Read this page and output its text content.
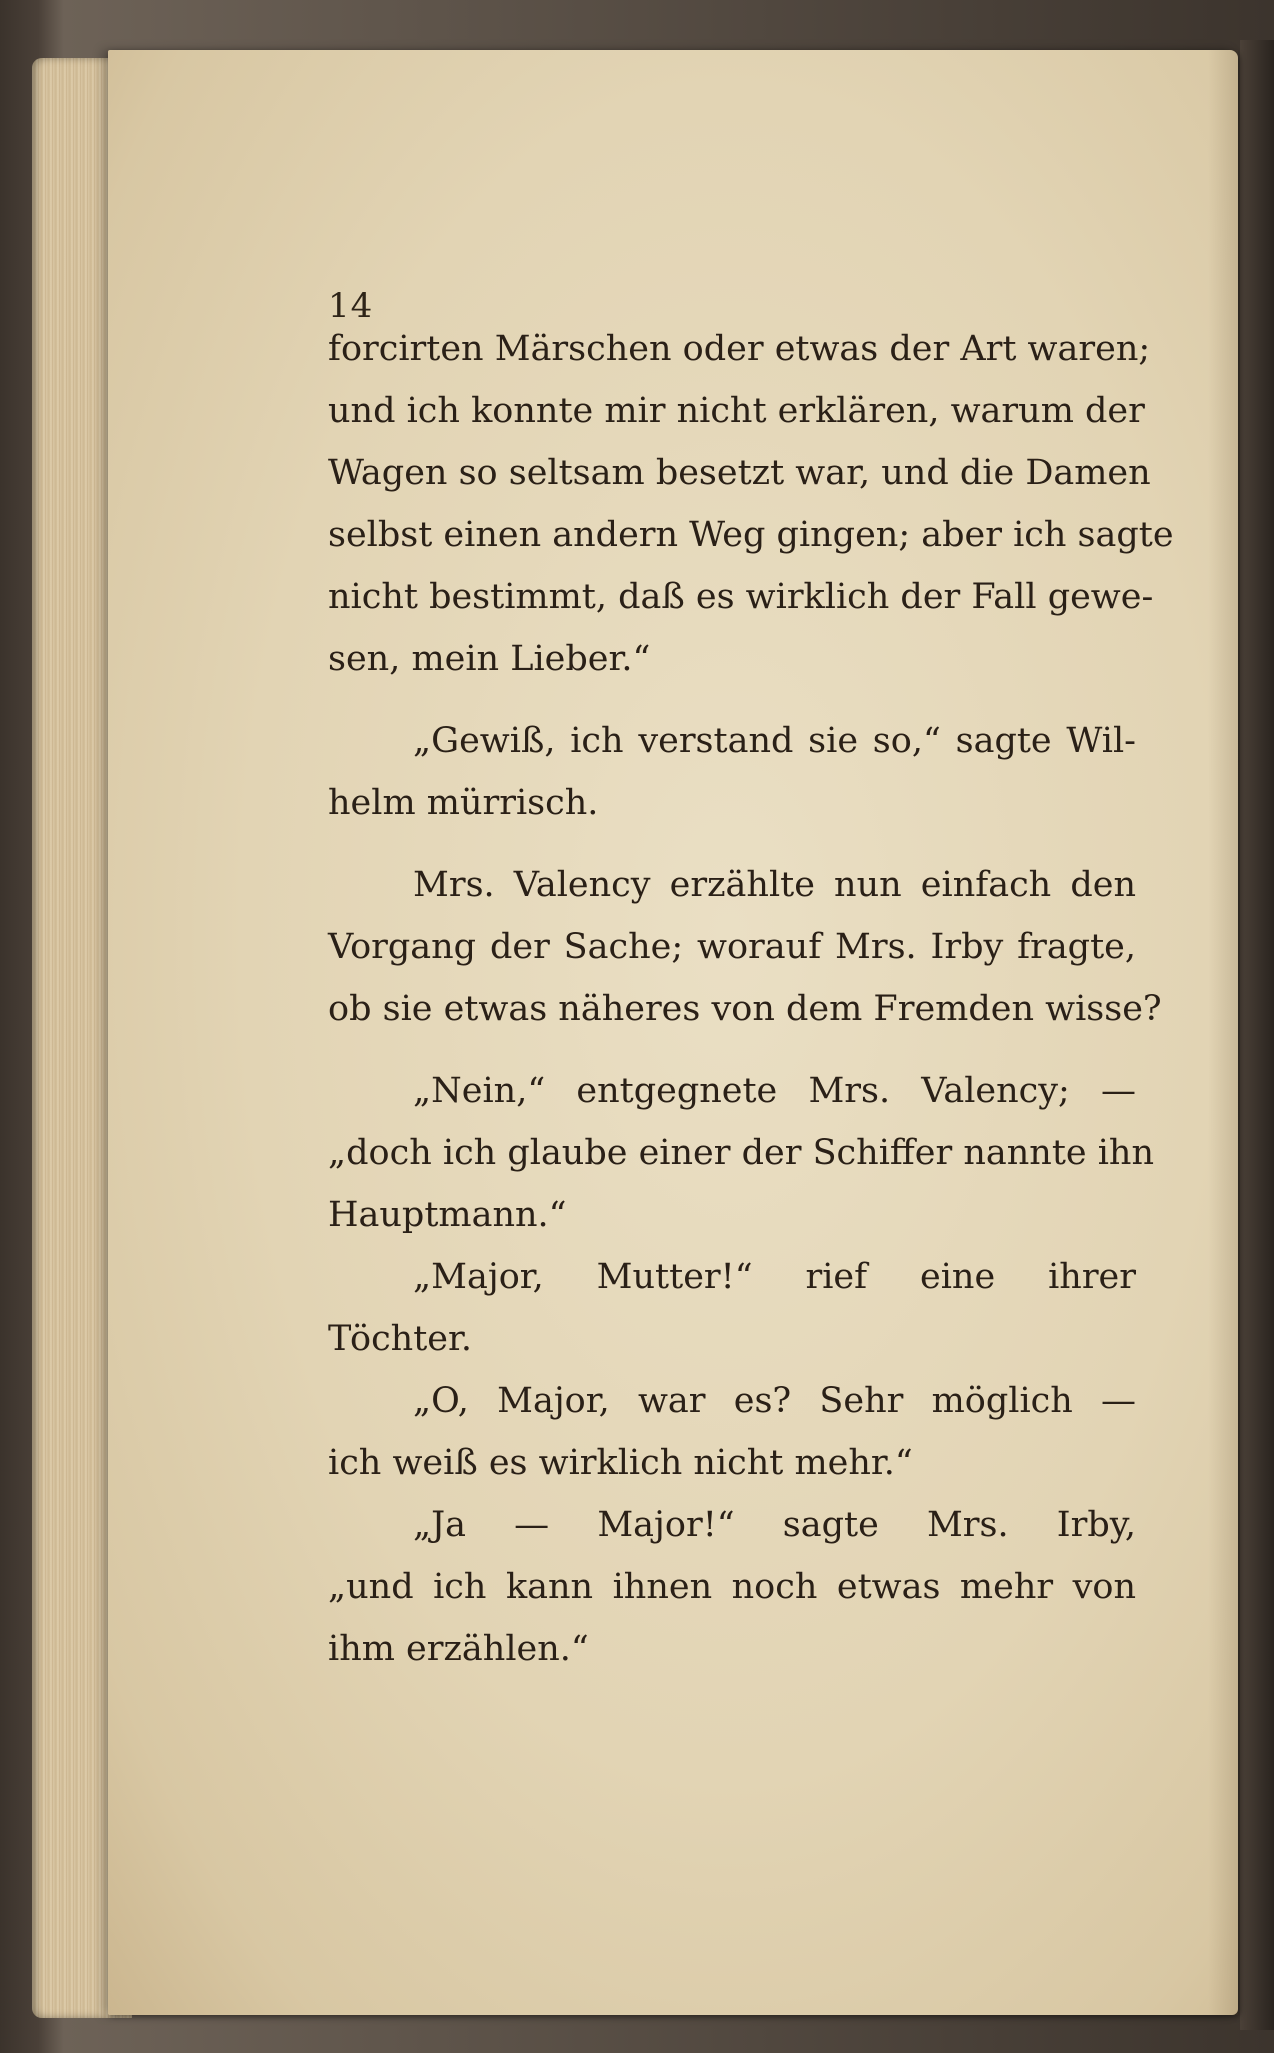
14

forcirten Märschen oder etwas der Art waren;

und ich konnte mir nicht erklären, warum der

Wagen so seltsam besetzt war, und die Damen

selbst einen andern Weg gingen; aber ich sagte

nicht bestimmt, daß es wirklich der Fall gewe-

sen, mein Lieber.“

„Gewiß, ich verstand sie so,“ sagte Wil-

helm mürrisch.

Mrs. Valency erzählte nun einfach den

Vorgang der Sache; worauf Mrs. Irby fragte,

ob sie etwas näheres von dem Fremden wisse?

„Nein,“ entgegnete Mrs. Valency; —

„doch ich glaube einer der Schiffer nannte ihn

Hauptmann.“

„Major, Mutter!“ rief eine ihrer

Töchter.

„O, Major, war es? Sehr möglich —

ich weiß es wirklich nicht mehr.“

„Ja — Major!“ sagte Mrs. Irby,

„und ich kann ihnen noch etwas mehr von

ihm erzählen.“
